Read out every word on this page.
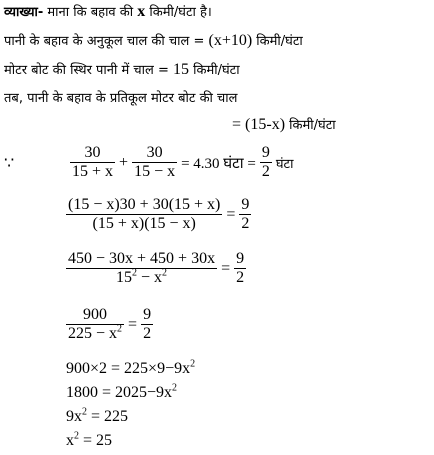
व्याख्या- माना कि बहाव की x किमी/घंटा है।
पानी के बहाव के अनुकूल चाल की चाल = (x+10) किमी/घंटा
मोटर बोट की स्थिर पानी में चाल = 15 किमी/घंटा
तब, पानी के बहाव के प्रतिकूल मोटर बोट की चाल
= (15-x) किमी/घंटा
∵	$\frac{30}{15 + x} + \frac{30}{15 - x} = 4.30$ घंटा = $\frac{9}{2}$ घंटा
$\frac{(15 - x)30 + 30(15 + x)}{(15 + x)(15 - x)} = \frac{9}{2}$
$\frac{450 - 30x + 450 + 30x}{15^2 - x^2} = \frac{9}{2}$
$\frac{900}{225 - x^2} = \frac{9}{2}$
$900\times 2 = 225\times 9-9x^2$
$1800 = 2025-9x^2$
$9x^2 = 225$
$x^2 = 25$
